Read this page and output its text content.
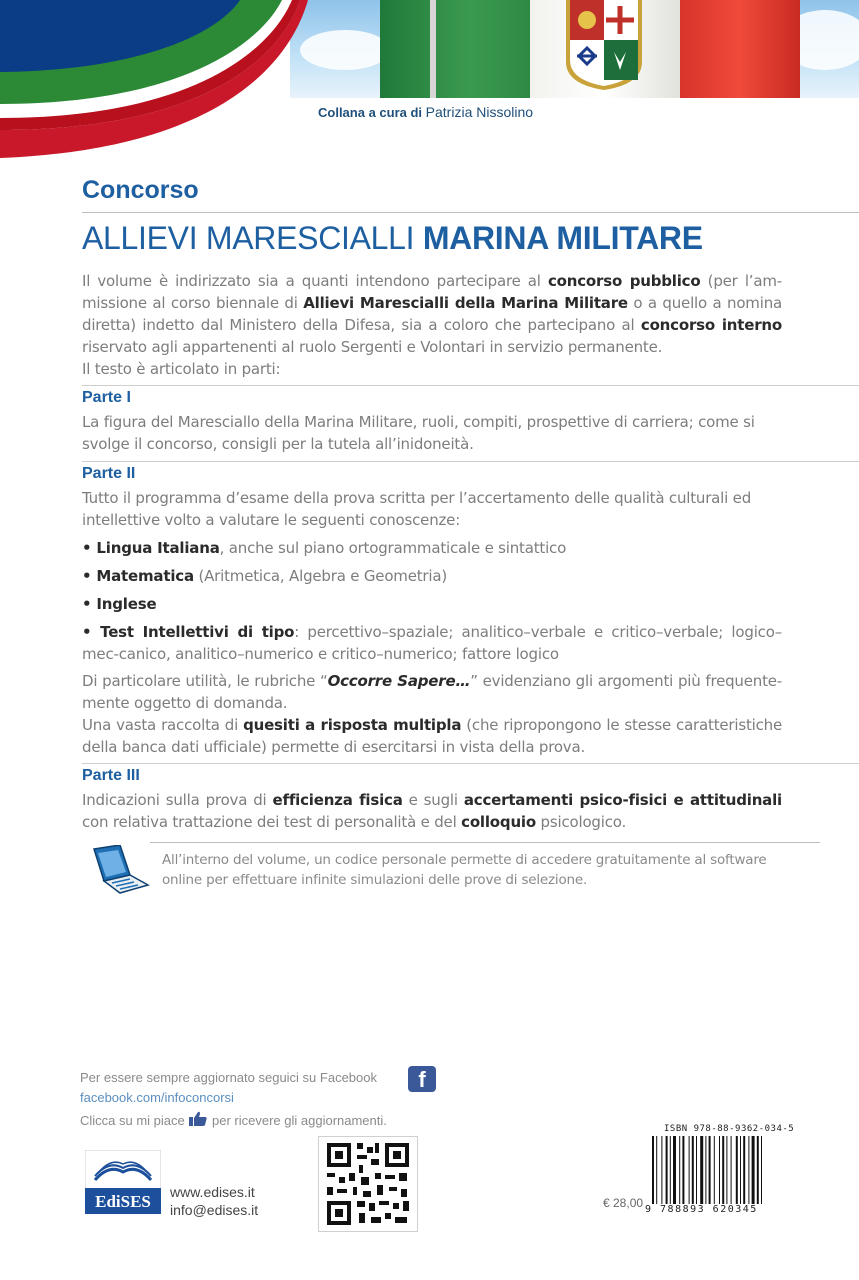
Collana a cura di Patrizia Nissolino
Concorso
ALLIEVI MARESCIALLI MARINA MILITARE
Il volume è indirizzato sia a quanti intendono partecipare al concorso pubblico (per l’am-missione al corso biennale di Allievi Marescialli della Marina Militare o a quello a nomina diretta) indetto dal Ministero della Difesa, sia a coloro che partecipano al concorso interno riservato agli appartenenti al ruolo Sergenti e Volontari in servizio permanente.
Il testo è articolato in parti:
Parte I
La figura del Maresciallo della Marina Militare, ruoli, compiti, prospettive di carriera; come si svolge il concorso, consigli per la tutela all’inidoneità.
Parte II
Tutto il programma d’esame della prova scritta per l’accertamento delle qualità culturali ed intellettive volto a valutare le seguenti conoscenze:
• Lingua Italiana, anche sul piano ortogrammaticale e sintattico
• Matematica (Aritmetica, Algebra e Geometria)
• Inglese
• Test Intellettivi di tipo: percettivo–spaziale; analitico–verbale e critico–verbale; logico–mec-canico, analitico–numerico e critico–numerico; fattore logico
Di particolare utilità, le rubriche “Occorre Sapere…” evidenziano gli argomenti più frequente-mente oggetto di domanda.
Una vasta raccolta di quesiti a risposta multipla (che ripropongono le stesse caratteristiche della banca dati ufficiale) permette di esercitarsi in vista della prova.
Parte III
Indicazioni sulla prova di efficienza fisica e sugli accertamenti psico-fisici e attitudinali con relativa trattazione dei test di personalità e del colloquio psicologico.
All’interno del volume, un codice personale permette di accedere gratuitamente al software online per effettuare infinite simulazioni delle prove di selezione.
Per essere sempre aggiornato seguici su Facebook	f
facebook.com/infoconcorsi
Clicca su mi piace per ricevere gli aggiornamenti.
EdiSES www.edises.it
info@edises.it
ISBN 978-88-9362-034-5
9 788893 620345
€ 28,00
